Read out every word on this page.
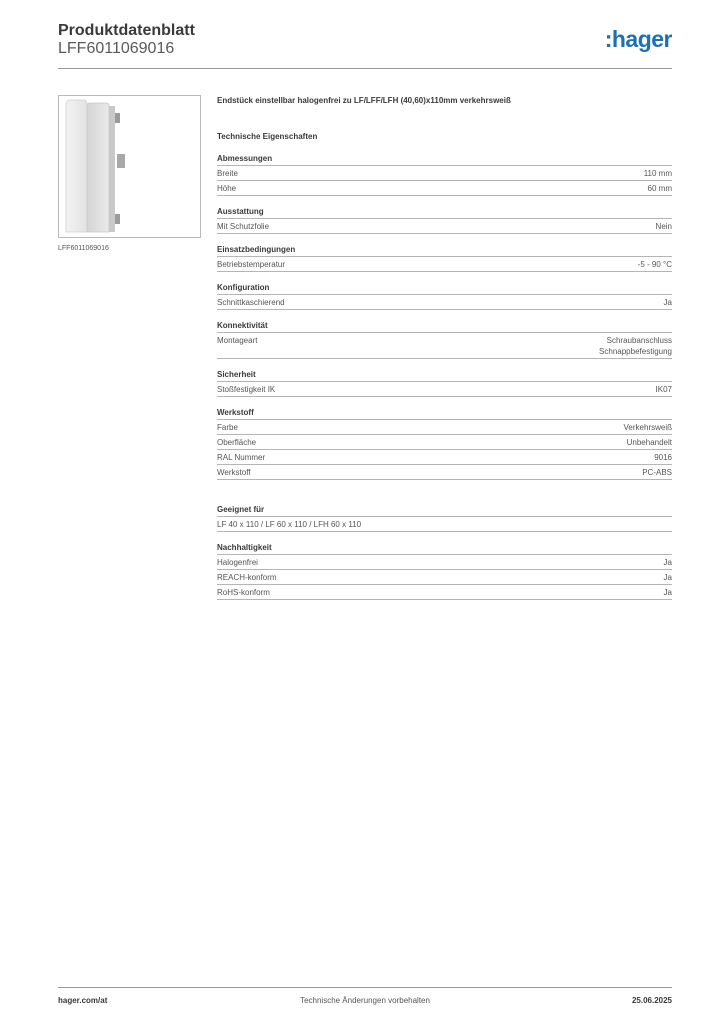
Produktdatenblatt
LFF6011069016	:hager
LFF6011069016
Endstück einstellbar halogenfrei zu LF/LFF/LFH (40,60)x110mm verkehrsweiß
Technische Eigenschaften
Abmessungen
Breite	110 mm
Höhe	60 mm
Ausstattung
Mit Schutzfolie	Nein
Einsatzbedingungen
Betriebstemperatur	-5 - 90 °C
Konfiguration
Schnittkaschierend	Ja
Konnektivität
Montageart	Schraubanschluss
Schnappbefestigung
Sicherheit
Stoßfestigkeit IK	IK07
Werkstoff
Farbe	Verkehrsweiß
Oberfläche	Unbehandelt
RAL Nummer	9016
Werkstoff	PC-ABS
Geeignet für
LF 40 x 110 / LF 60 x 110 / LFH 60 x 110
Nachhaltigkeit
Halogenfrei	Ja
REACH-konform	Ja
RoHS-konform	Ja
hager.com/at	Technische Änderungen vorbehalten	25.06.2025
